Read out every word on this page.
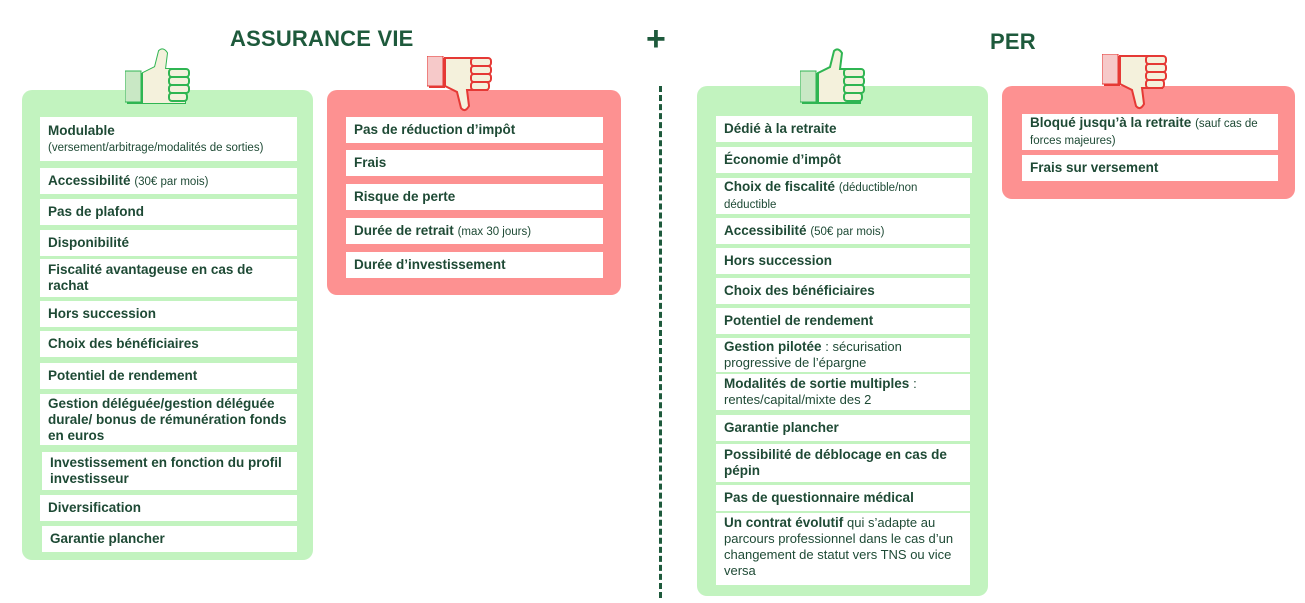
ASSURANCE VIE	+	PER
Modulable
(versement/arbitrage/modalités de sorties)
Accessibilité (30€ par mois)
Pas de plafond
Disponibilité
Fiscalité avantageuse en cas de rachat
Hors succession
Choix des bénéficiaires
Potentiel de rendement
Gestion déléguée/gestion déléguée durale/ bonus de rémunération fonds en euros
Investissement en fonction du profil investisseur
Diversification
Garantie plancher
Pas de réduction d’impôt
Frais
Risque de perte
Durée de retrait (max 30 jours)
Durée d’investissement
Dédié à la retraite
Économie d’impôt
Choix de fiscalité (déductible/non déductible
Accessibilité (50€ par mois)
Hors succession
Choix des bénéficiaires
Potentiel de rendement
Gestion pilotée : sécurisation progressive de l’épargne
Modalités de sortie multiples : rentes/capital/mixte des 2
Garantie plancher
Possibilité de déblocage en cas de pépin
Pas de questionnaire médical
Un contrat évolutif qui s’adapte au parcours professionnel dans le cas d’un changement de statut vers TNS ou vice versa
Bloqué jusqu’à la retraite (sauf cas de forces majeures)
Frais sur versement
